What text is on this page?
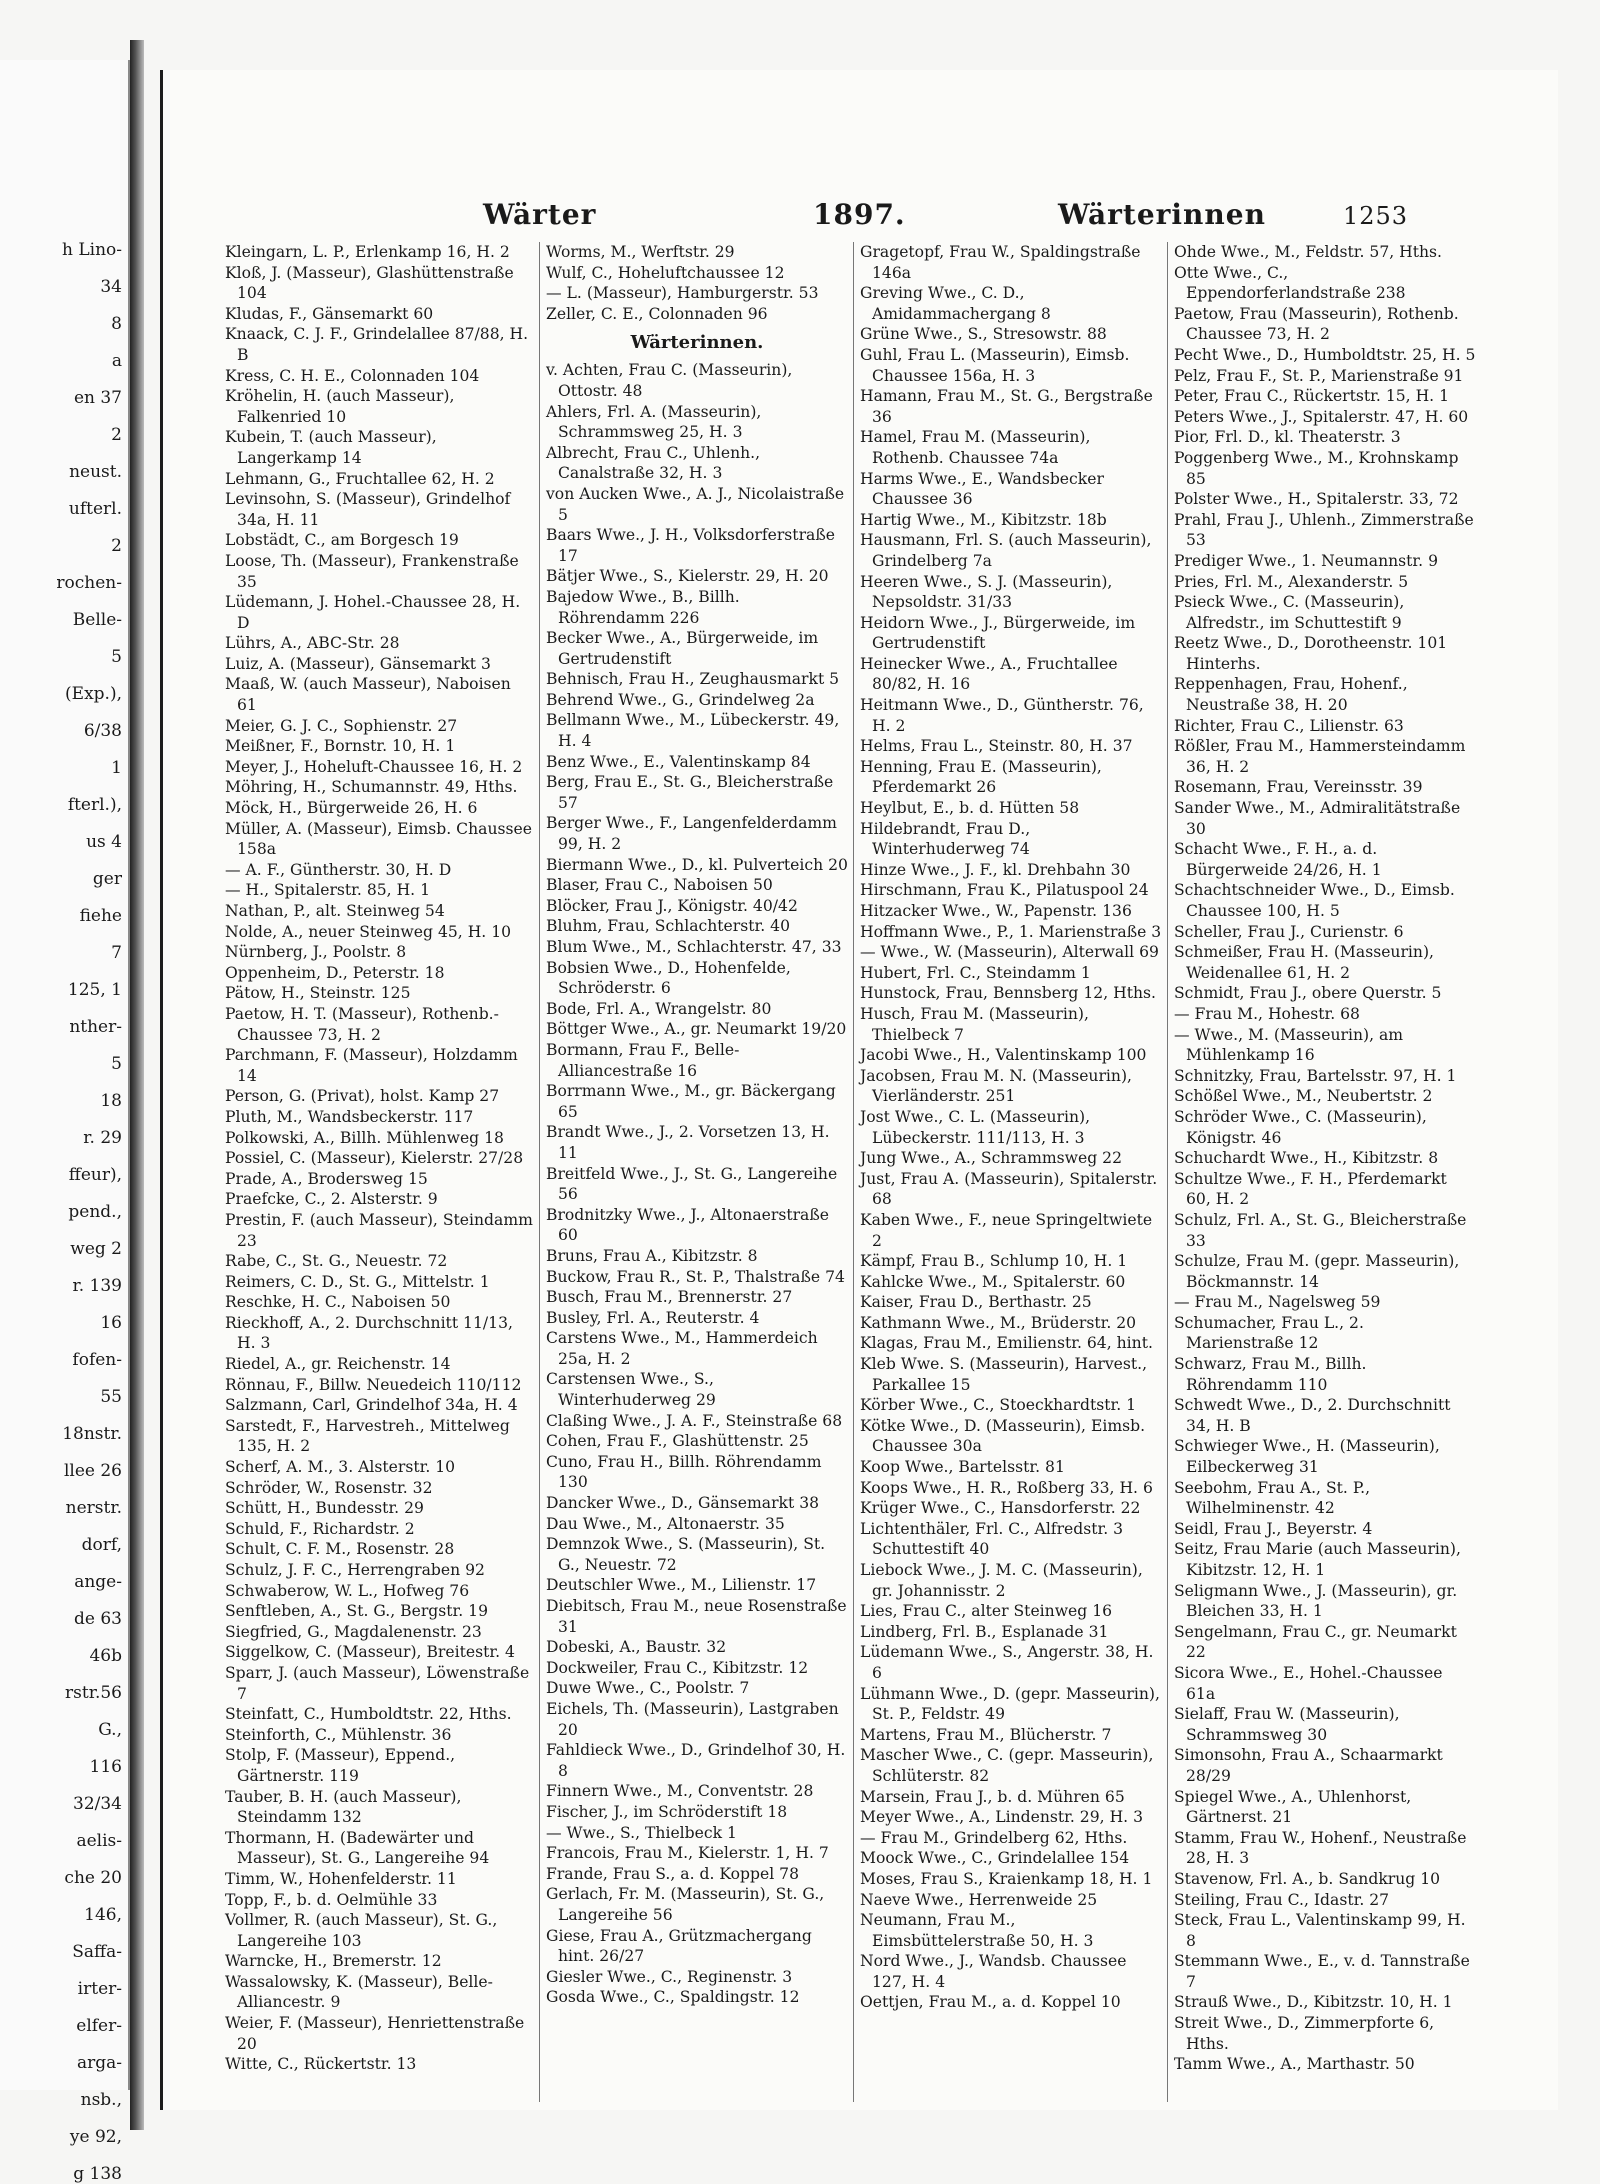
h Lino-
34
8
a
en 37
2
neust.
ufterl.
2
rochen-
Belle-
5
(Exp.),
6/38
1
fterl.),
us 4
ger
fiehe
7
125, 1
nther-
5
18
r. 29
ffeur),
pend.,
weg 2
r. 139
16
fofen-
55
18nstr.
llee 26
nerstr.
dorf,
ange-
de 63
46b
rstr.56
G.,
116
32/34
aelis-
che 20
146,
Saffa-
irter-
elfer-
arga-
nsb.,
ye 92,
g 138
Wärter	1897.	Wärterinnen	1253

Kleingarn, L. P., Erlenkamp 16, H. 2

Kloß, J. (Masseur), Glashüttenstraße 104

Kludas, F., Gänsemarkt 60

Knaack, C. J. F., Grindelallee 87/88, H. B

Kress, C. H. E., Colonnaden 104

Kröhelin, H. (auch Masseur), Falkenried 10

Kubein, T. (auch Masseur), Langerkamp 14

Lehmann, G., Fruchtallee 62, H. 2

Levinsohn, S. (Masseur), Grindelhof 34a, H. 11

Lobstädt, C., am Borgesch 19

Loose, Th. (Masseur), Frankenstraße 35

Lüdemann, J. Hohel.-Chaussee 28, H. D

Lührs, A., ABC-Str. 28

Luiz, A. (Masseur), Gänsemarkt 3

Maaß, W. (auch Masseur), Naboisen 61

Meier, G. J. C., Sophienstr. 27

Meißner, F., Bornstr. 10, H. 1

Meyer, J., Hoheluft-Chaussee 16, H. 2

Möhring, H., Schumannstr. 49, Hths.

Möck, H., Bürgerweide 26, H. 6

Müller, A. (Masseur), Eimsb. Chaussee 158a

— A. F., Güntherstr. 30, H. D

— H., Spitalerstr. 85, H. 1

Nathan, P., alt. Steinweg 54

Nolde, A., neuer Steinweg 45, H. 10

Nürnberg, J., Poolstr. 8

Oppenheim, D., Peterstr. 18

Pätow, H., Steinstr. 125

Paetow, H. T. (Masseur), Rothenb.-Chaussee 73, H. 2

Parchmann, F. (Masseur), Holzdamm 14

Person, G. (Privat), holst. Kamp 27

Pluth, M., Wandsbeckerstr. 117

Polkowski, A., Billh. Mühlenweg 18

Possiel, C. (Masseur), Kielerstr. 27/28

Prade, A., Brodersweg 15

Praefcke, C., 2. Alsterstr. 9

Prestin, F. (auch Masseur), Steindamm 23

Rabe, C., St. G., Neuestr. 72

Reimers, C. D., St. G., Mittelstr. 1

Reschke, H. C., Naboisen 50

Rieckhoff, A., 2. Durchschnitt 11/13, H. 3

Riedel, A., gr. Reichenstr. 14

Rönnau, F., Billw. Neuedeich 110/112

Salzmann, Carl, Grindelhof 34a, H. 4

Sarstedt, F., Harvestreh., Mittelweg 135, H. 2

Scherf, A. M., 3. Alsterstr. 10

Schröder, W., Rosenstr. 32

Schütt, H., Bundesstr. 29

Schuld, F., Richardstr. 2

Schult, C. F. M., Rosenstr. 28

Schulz, J. F. C., Herrengraben 92

Schwaberow, W. L., Hofweg 76

Senftleben, A., St. G., Bergstr. 19

Siegfried, G., Magdalenenstr. 23

Siggelkow, C. (Masseur), Breitestr. 4

Sparr, J. (auch Masseur), Löwenstraße 7

Steinfatt, C., Humboldtstr. 22, Hths.

Steinforth, C., Mühlenstr. 36

Stolp, F. (Masseur), Eppend., Gärtnerstr. 119

Tauber, B. H. (auch Masseur), Steindamm 132

Thormann, H. (Badewärter und Masseur), St. G., Langereihe 94

Timm, W., Hohenfelderstr. 11

Topp, F., b. d. Oelmühle 33

Vollmer, R. (auch Masseur), St. G., Langereihe 103

Warncke, H., Bremerstr. 12

Wassalowsky, K. (Masseur), Belle-Alliancestr. 9

Weier, F. (Masseur), Henriettenstraße 20

Witte, C., Rückertstr. 13

Worms, M., Werftstr. 29

Wulf, C., Hoheluftchaussee 12

— L. (Masseur), Hamburgerstr. 53

Zeller, C. E., Colonnaden 96

Wärterinnen.

v. Achten, Frau C. (Masseurin), Ottostr. 48

Ahlers, Frl. A. (Masseurin), Schrammsweg 25, H. 3

Albrecht, Frau C., Uhlenh., Canalstraße 32, H. 3

von Aucken Wwe., A. J., Nicolaistraße 5

Baars Wwe., J. H., Volksdorferstraße 17

Bätjer Wwe., S., Kielerstr. 29, H. 20

Bajedow Wwe., B., Billh. Röhrendamm 226

Becker Wwe., A., Bürgerweide, im Gertrudenstift

Behnisch, Frau H., Zeughausmarkt 5

Behrend Wwe., G., Grindelweg 2a

Bellmann Wwe., M., Lübeckerstr. 49, H. 4

Benz Wwe., E., Valentinskamp 84

Berg, Frau E., St. G., Bleicherstraße 57

Berger Wwe., F., Langenfelderdamm 99, H. 2

Biermann Wwe., D., kl. Pulverteich 20

Blaser, Frau C., Naboisen 50

Blöcker, Frau J., Königstr. 40/42

Bluhm, Frau, Schlachterstr. 40

Blum Wwe., M., Schlachterstr. 47, 33

Bobsien Wwe., D., Hohenfelde, Schröderstr. 6

Bode, Frl. A., Wrangelstr. 80

Böttger Wwe., A., gr. Neumarkt 19/20

Bormann, Frau F., Belle-Alliancestraße 16

Borrmann Wwe., M., gr. Bäckergang 65

Brandt Wwe., J., 2. Vorsetzen 13, H. 11

Breitfeld Wwe., J., St. G., Langereihe 56

Brodnitzky Wwe., J., Altonaerstraße 60

Bruns, Frau A., Kibitzstr. 8

Buckow, Frau R., St. P., Thalstraße 74

Busch, Frau M., Brennerstr. 27

Busley, Frl. A., Reuterstr. 4

Carstens Wwe., M., Hammerdeich 25a, H. 2

Carstensen Wwe., S., Winterhuderweg 29

Claßing Wwe., J. A. F., Steinstraße 68

Cohen, Frau F., Glashüttenstr. 25

Cuno, Frau H., Billh. Röhrendamm 130

Dancker Wwe., D., Gänsemarkt 38

Dau Wwe., M., Altonaerstr. 35

Demnzok Wwe., S. (Masseurin), St. G., Neuestr. 72

Deutschler Wwe., M., Lilienstr. 17

Diebitsch, Frau M., neue Rosenstraße 31

Dobeski, A., Baustr. 32

Dockweiler, Frau C., Kibitzstr. 12

Duwe Wwe., C., Poolstr. 7

Eichels, Th. (Masseurin), Lastgraben 20

Fahldieck Wwe., D., Grindelhof 30, H. 8

Finnern Wwe., M., Conventstr. 28

Fischer, J., im Schröderstift 18

— Wwe., S., Thielbeck 1

Francois, Frau M., Kielerstr. 1, H. 7

Frande, Frau S., a. d. Koppel 78

Gerlach, Fr. M. (Masseurin), St. G., Langereihe 56

Giese, Frau A., Grützmachergang hint. 26/27

Giesler Wwe., C., Reginenstr. 3

Gosda Wwe., C., Spaldingstr. 12

Gragetopf, Frau W., Spaldingstraße 146a

Greving Wwe., C. D., Amidammachergang 8

Grüne Wwe., S., Stresowstr. 88

Guhl, Frau L. (Masseurin), Eimsb. Chaussee 156a, H. 3

Hamann, Frau M., St. G., Bergstraße 36

Hamel, Frau M. (Masseurin), Rothenb. Chaussee 74a

Harms Wwe., E., Wandsbecker Chaussee 36

Hartig Wwe., M., Kibitzstr. 18b

Hausmann, Frl. S. (auch Masseurin), Grindelberg 7a

Heeren Wwe., S. J. (Masseurin), Nepsoldstr. 31/33

Heidorn Wwe., J., Bürgerweide, im Gertrudenstift

Heinecker Wwe., A., Fruchtallee 80/82, H. 16

Heitmann Wwe., D., Güntherstr. 76, H. 2

Helms, Frau L., Steinstr. 80, H. 37

Henning, Frau E. (Masseurin), Pferdemarkt 26

Heylbut, E., b. d. Hütten 58

Hildebrandt, Frau D., Winterhuderweg 74

Hinze Wwe., J. F., kl. Drehbahn 30

Hirschmann, Frau K., Pilatuspool 24

Hitzacker Wwe., W., Papenstr. 136

Hoffmann Wwe., P., 1. Marienstraße 3

— Wwe., W. (Masseurin), Alterwall 69

Hubert, Frl. C., Steindamm 1

Hunstock, Frau, Bennsberg 12, Hths.

Husch, Frau M. (Masseurin), Thielbeck 7

Jacobi Wwe., H., Valentinskamp 100

Jacobsen, Frau M. N. (Masseurin), Vierländerstr. 251

Jost Wwe., C. L. (Masseurin), Lübeckerstr. 111/113, H. 3

Jung Wwe., A., Schrammsweg 22

Just, Frau A. (Masseurin), Spitalerstr. 68

Kaben Wwe., F., neue Springeltwiete 2

Kämpf, Frau B., Schlump 10, H. 1

Kahlcke Wwe., M., Spitalerstr. 60

Kaiser, Frau D., Berthastr. 25

Kathmann Wwe., M., Brüderstr. 20

Klagas, Frau M., Emilienstr. 64, hint.

Kleb Wwe. S. (Masseurin), Harvest., Parkallee 15

Körber Wwe., C., Stoeckhardtstr. 1

Kötke Wwe., D. (Masseurin), Eimsb. Chaussee 30a

Koop Wwe., Bartelsstr. 81

Koops Wwe., H. R., Roßberg 33, H. 6

Krüger Wwe., C., Hansdorferstr. 22

Lichtenthäler, Frl. C., Alfredstr. 3 Schuttestift 40

Liebock Wwe., J. M. C. (Masseurin), gr. Johannisstr. 2

Lies, Frau C., alter Steinweg 16

Lindberg, Frl. B., Esplanade 31

Lüdemann Wwe., S., Angerstr. 38, H. 6

Lühmann Wwe., D. (gepr. Masseurin), St. P., Feldstr. 49

Martens, Frau M., Blücherstr. 7

Mascher Wwe., C. (gepr. Masseurin), Schlüterstr. 82

Marsein, Frau J., b. d. Mühren 65

Meyer Wwe., A., Lindenstr. 29, H. 3

— Frau M., Grindelberg 62, Hths.

Moock Wwe., C., Grindelallee 154

Moses, Frau S., Kraienkamp 18, H. 1

Naeve Wwe., Herrenweide 25

Neumann, Frau M., Eimsbüttelerstraße 50, H. 3

Nord Wwe., J., Wandsb. Chaussee 127, H. 4

Oettjen, Frau M., a. d. Koppel 10

Ohde Wwe., M., Feldstr. 57, Hths.

Otte Wwe., C., Eppendorferlandstraße 238

Paetow, Frau (Masseurin), Rothenb. Chaussee 73, H. 2

Pecht Wwe., D., Humboldtstr. 25, H. 5

Pelz, Frau F., St. P., Marienstraße 91

Peter, Frau C., Rückertstr. 15, H. 1

Peters Wwe., J., Spitalerstr. 47, H. 60

Pior, Frl. D., kl. Theaterstr. 3

Poggenberg Wwe., M., Krohnskamp 85

Polster Wwe., H., Spitalerstr. 33, 72

Prahl, Frau J., Uhlenh., Zimmerstraße 53

Prediger Wwe., 1. Neumannstr. 9

Pries, Frl. M., Alexanderstr. 5

Psieck Wwe., C. (Masseurin), Alfredstr., im Schuttestift 9

Reetz Wwe., D., Dorotheenstr. 101 Hinterhs.

Reppenhagen, Frau, Hohenf., Neustraße 38, H. 20

Richter, Frau C., Lilienstr. 63

Rößler, Frau M., Hammersteindamm 36, H. 2

Rosemann, Frau, Vereinsstr. 39

Sander Wwe., M., Admiralitätstraße 30

Schacht Wwe., F. H., a. d. Bürgerweide 24/26, H. 1

Schachtschneider Wwe., D., Eimsb. Chaussee 100, H. 5

Scheller, Frau J., Curienstr. 6

Schmeißer, Frau H. (Masseurin), Weidenallee 61, H. 2

Schmidt, Frau J., obere Querstr. 5

— Frau M., Hohestr. 68

— Wwe., M. (Masseurin), am Mühlenkamp 16

Schnitzky, Frau, Bartelsstr. 97, H. 1

Schößel Wwe., M., Neubertstr. 2

Schröder Wwe., C. (Masseurin), Königstr. 46

Schuchardt Wwe., H., Kibitzstr. 8

Schultze Wwe., F. H., Pferdemarkt 60, H. 2

Schulz, Frl. A., St. G., Bleicherstraße 33

Schulze, Frau M. (gepr. Masseurin), Böckmannstr. 14

— Frau M., Nagelsweg 59

Schumacher, Frau L., 2. Marienstraße 12

Schwarz, Frau M., Billh. Röhrendamm 110

Schwedt Wwe., D., 2. Durchschnitt 34, H. B

Schwieger Wwe., H. (Masseurin), Eilbeckerweg 31

Seebohm, Frau A., St. P., Wilhelminenstr. 42

Seidl, Frau J., Beyerstr. 4

Seitz, Frau Marie (auch Masseurin), Kibitzstr. 12, H. 1

Seligmann Wwe., J. (Masseurin), gr. Bleichen 33, H. 1

Sengelmann, Frau C., gr. Neumarkt 22

Sicora Wwe., E., Hohel.-Chaussee 61a

Sielaff, Frau W. (Masseurin), Schrammsweg 30

Simonsohn, Frau A., Schaarmarkt 28/29

Spiegel Wwe., A., Uhlenhorst, Gärtnerst. 21

Stamm, Frau W., Hohenf., Neustraße 28, H. 3

Stavenow, Frl. A., b. Sandkrug 10

Steiling, Frau C., Idastr. 27

Steck, Frau L., Valentinskamp 99, H. 8

Stemmann Wwe., E., v. d. Tannstraße 7

Strauß Wwe., D., Kibitzstr. 10, H. 1

Streit Wwe., D., Zimmerpforte 6, Hths.

Tamm Wwe., A., Marthastr. 50
